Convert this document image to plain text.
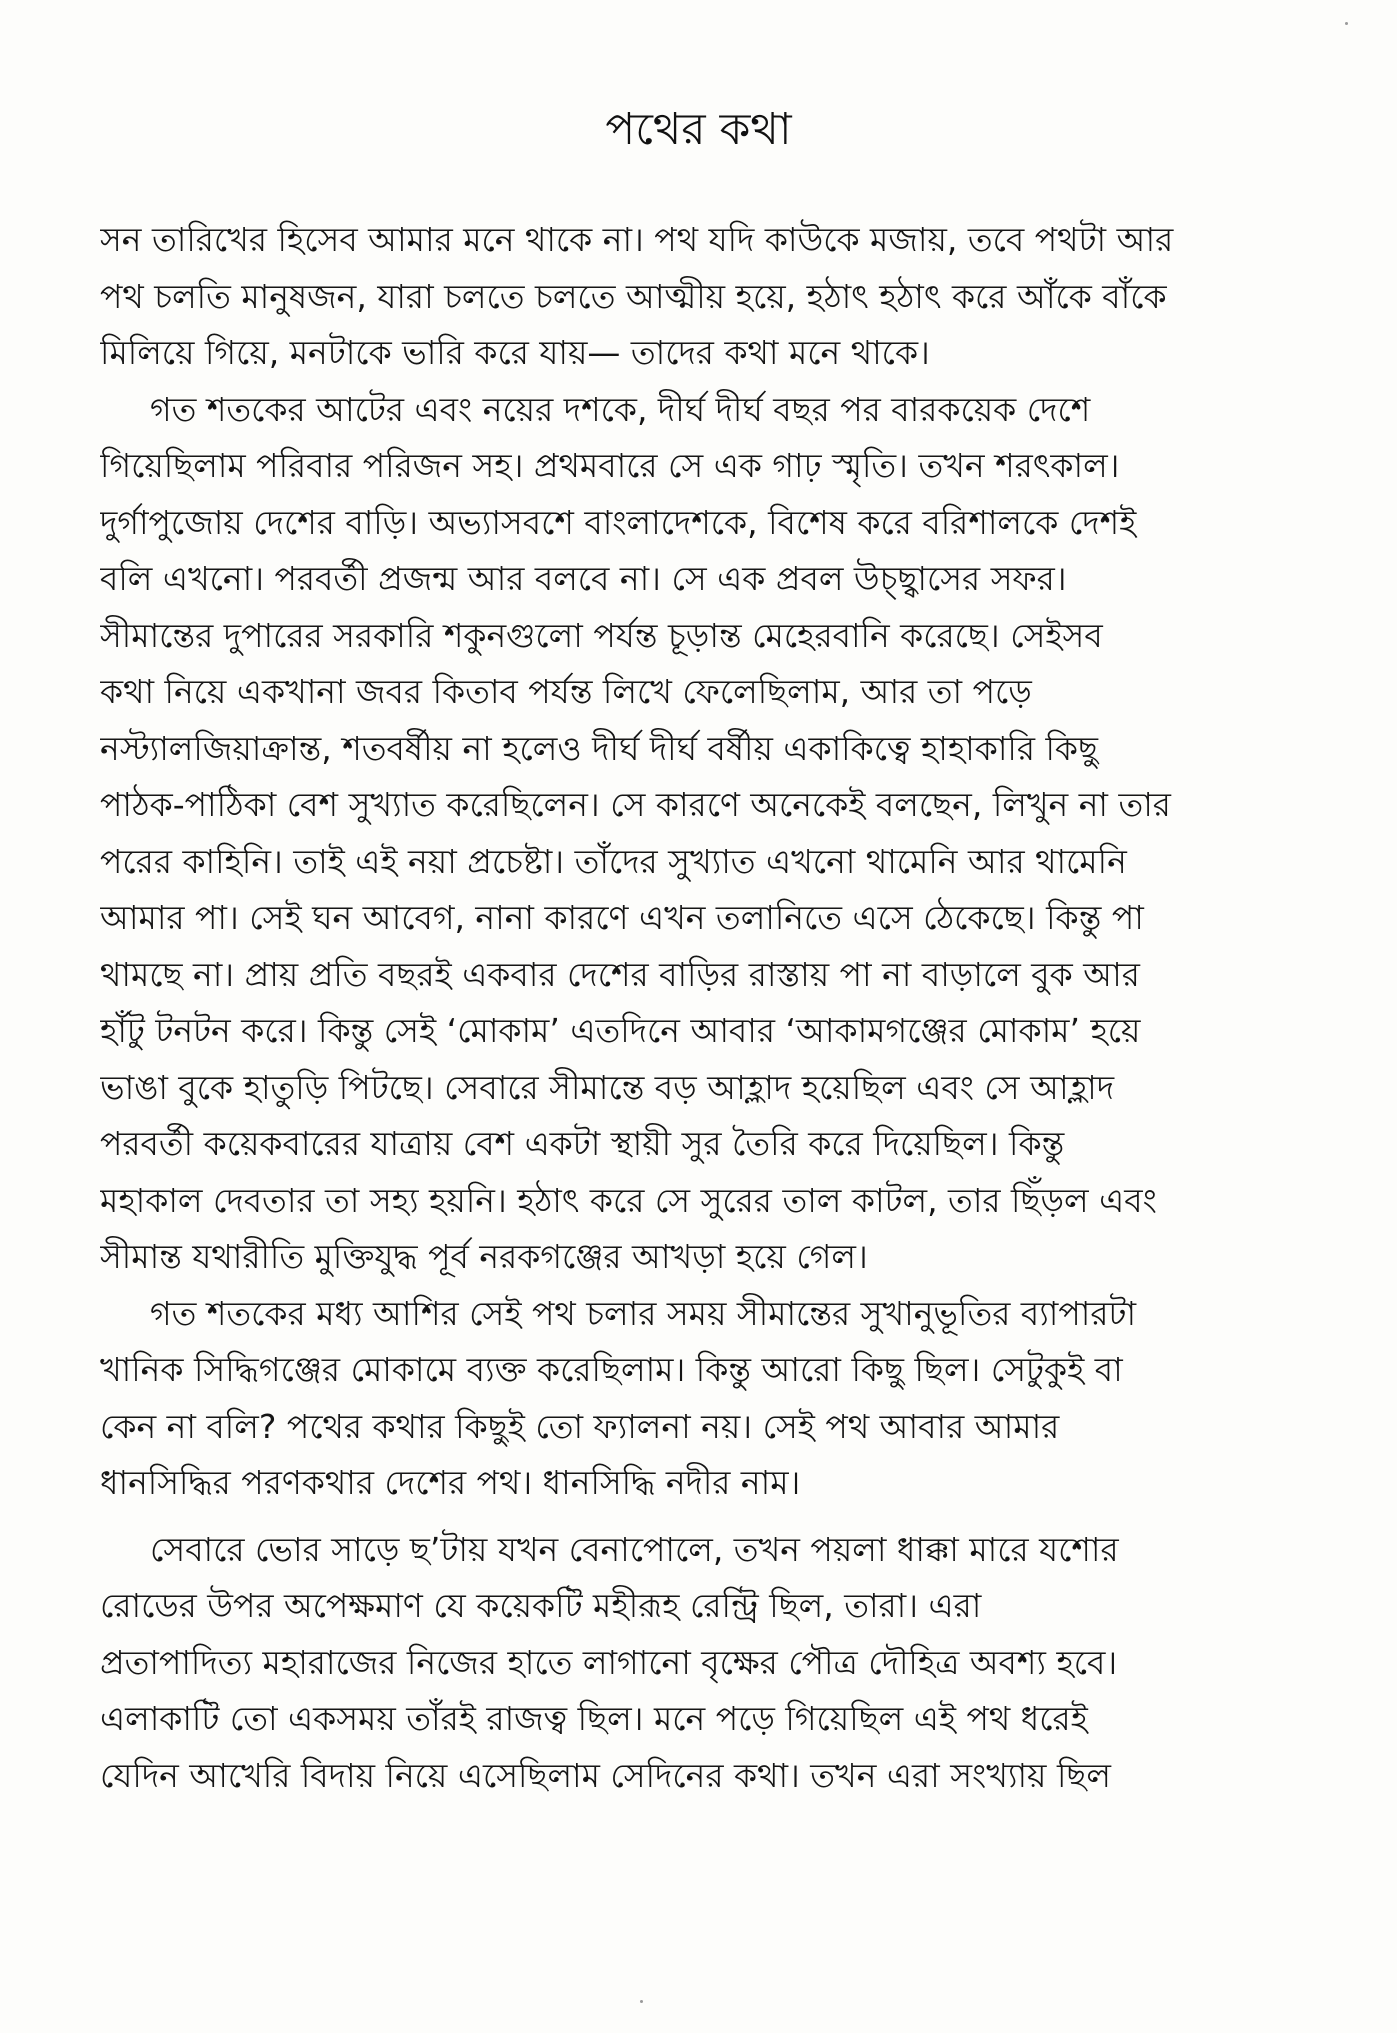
পথের কথা
সন তারিখের হিসেব আমার মনে থাকে না। পথ যদি কাউকে মজায়, তবে পথটা আর
পথ চলতি মানুষজন, যারা চলতে চলতে আত্মীয় হয়ে, হঠাৎ হঠাৎ করে আঁকে বাঁকে
মিলিয়ে গিয়ে, মনটাকে ভারি করে যায়— তাদের কথা মনে থাকে।
গত শতকের আটের এবং নয়ের দশকে, দীর্ঘ দীর্ঘ বছর পর বারকয়েক দেশে
গিয়েছিলাম পরিবার পরিজন সহ। প্রথমবারে সে এক গাঢ় স্মৃতি। তখন শরৎকাল।
দুর্গাপুজোয় দেশের বাড়ি। অভ্যাসবশে বাংলাদেশকে, বিশেষ করে বরিশালকে দেশই
বলি এখনো। পরবর্তী প্রজন্ম আর বলবে না। সে এক প্রবল উচ্ছ্বাসের সফর।
সীমান্তের দুপারের সরকারি শকুনগুলো পর্যন্ত চূড়ান্ত মেহেরবানি করেছে। সেইসব
কথা নিয়ে একখানা জবর কিতাব পর্যন্ত লিখে ফেলেছিলাম, আর তা পড়ে
নস্ট্যালজিয়াক্রান্ত, শতবর্ষীয় না হলেও দীর্ঘ দীর্ঘ বর্ষীয় একাকিত্বে হাহাকারি কিছু
পাঠক-পাঠিকা বেশ সুখ্যাত করেছিলেন। সে কারণে অনেকেই বলছেন, লিখুন না তার
পরের কাহিনি। তাই এই নয়া প্রচেষ্টা। তাঁদের সুখ্যাত এখনো থামেনি আর থামেনি
আমার পা। সেই ঘন আবেগ, নানা কারণে এখন তলানিতে এসে ঠেকেছে। কিন্তু পা
থামছে না। প্রায় প্রতি বছরই একবার দেশের বাড়ির রাস্তায় পা না বাড়ালে বুক আর
হাঁটু টনটন করে। কিন্তু সেই ‘মোকাম’ এতদিনে আবার ‘আকামগঞ্জের মোকাম’ হয়ে
ভাঙা বুকে হাতুড়ি পিটছে। সেবারে সীমান্তে বড় আহ্লাদ হয়েছিল এবং সে আহ্লাদ
পরবর্তী কয়েকবারের যাত্রায় বেশ একটা স্থায়ী সুর তৈরি করে দিয়েছিল। কিন্তু
মহাকাল দেবতার তা সহ্য হয়নি। হঠাৎ করে সে সুরের তাল কাটল, তার ছিঁড়ল এবং
সীমান্ত যথারীতি মুক্তিযুদ্ধ পূর্ব নরকগঞ্জের আখড়া হয়ে গেল।
গত শতকের মধ্য আশির সেই পথ চলার সময় সীমান্তের সুখানুভূতির ব্যাপারটা
খানিক সিদ্ধিগঞ্জের মোকামে ব্যক্ত করেছিলাম। কিন্তু আরো কিছু ছিল। সেটুকুই বা
কেন না বলি? পথের কথার কিছুই তো ফ্যালনা নয়। সেই পথ আবার আমার
ধানসিদ্ধির পরণকথার দেশের পথ। ধানসিদ্ধি নদীর নাম।
সেবারে ভোর সাড়ে ছ’টায় যখন বেনাপোলে, তখন পয়লা ধাক্কা মারে যশোর
রোডের উপর অপেক্ষমাণ যে কয়েকটি মহীরূহ রেন্ট্রি ছিল, তারা। এরা
প্রতাপাদিত্য মহারাজের নিজের হাতে লাগানো বৃক্ষের পৌত্র দৌহিত্র অবশ্য হবে।
এলাকাটি তো একসময় তাঁরই রাজত্ব ছিল। মনে পড়ে গিয়েছিল এই পথ ধরেই
যেদিন আখেরি বিদায় নিয়ে এসেছিলাম সেদিনের কথা। তখন এরা সংখ্যায় ছিল
